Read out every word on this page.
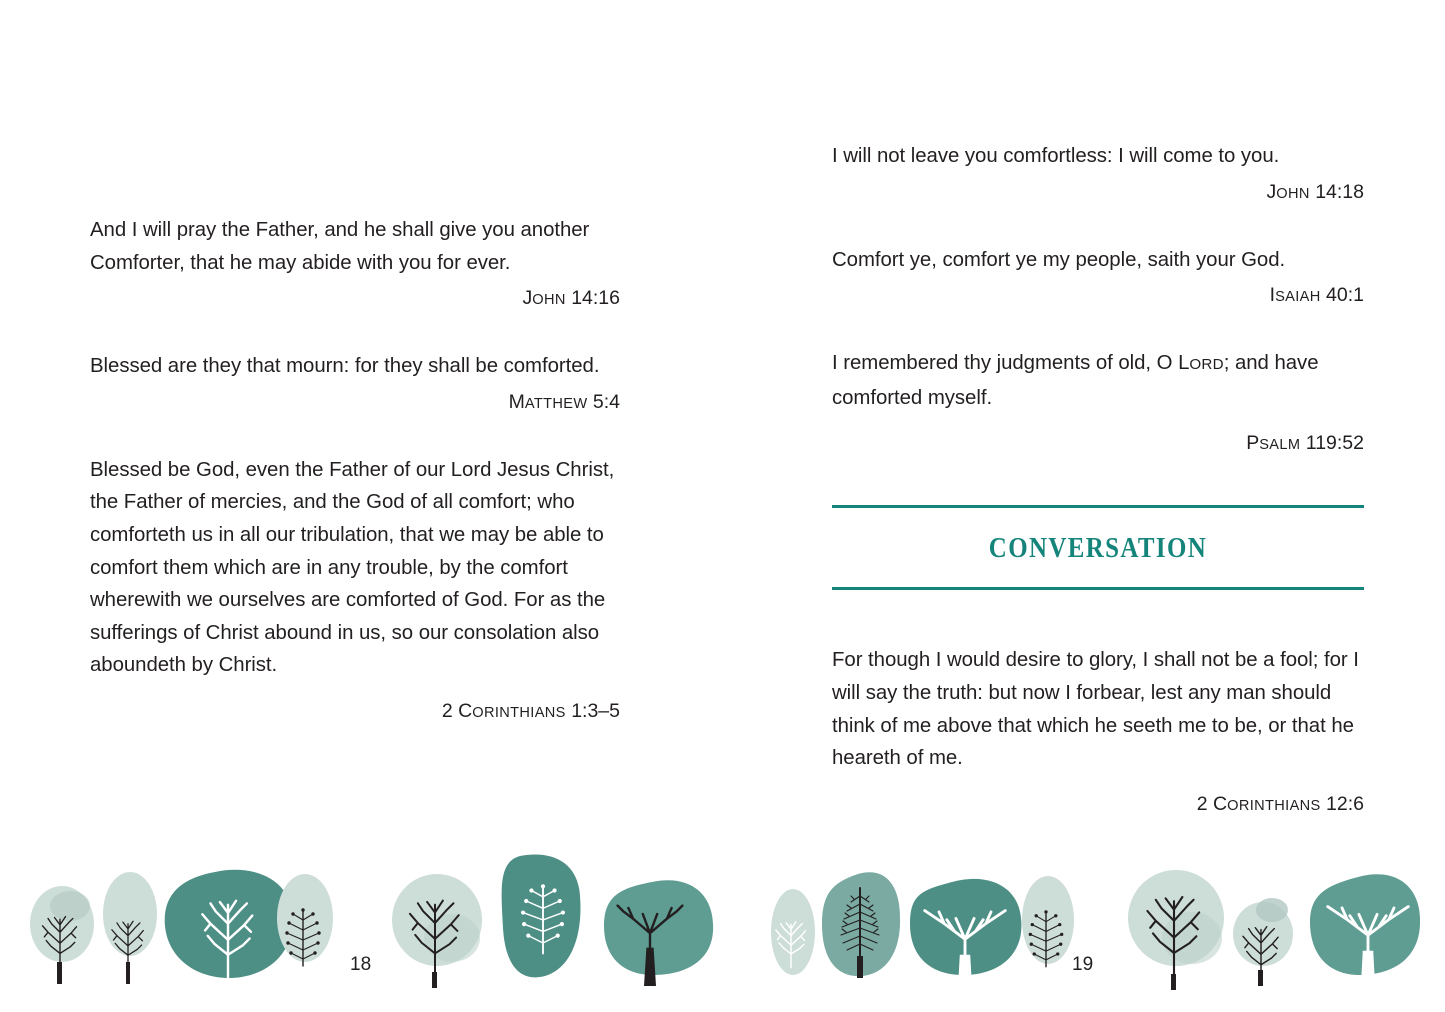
And I will pray the Father, and he shall give you another Comforter, that he may abide with you for ever.
JOHN 14:16
Blessed are they that mourn: for they shall be comforted.
MATTHEW 5:4
Blessed be God, even the Father of our Lord Jesus Christ, the Father of mercies, and the God of all comfort; who comforteth us in all our tribulation, that we may be able to comfort them which are in any trouble, by the comfort wherewith we ourselves are comforted of God. For as the sufferings of Christ abound in us, so our consolation also aboundeth by Christ.
2 CORINTHIANS 1:3–5
18
I will not leave you comfortless: I will come to you.
JOHN 14:18
Comfort ye, comfort ye my people, saith your God.
ISAIAH 40:1
I remembered thy judgments of old, O LORD; and have comforted myself.
PSALM 119:52
CONVERSATION
For though I would desire to glory, I shall not be a fool; for I will say the truth: but now I forbear, lest any man should think of me above that which he seeth me to be, or that he heareth of me.
2 CORINTHIANS 12:6
19
